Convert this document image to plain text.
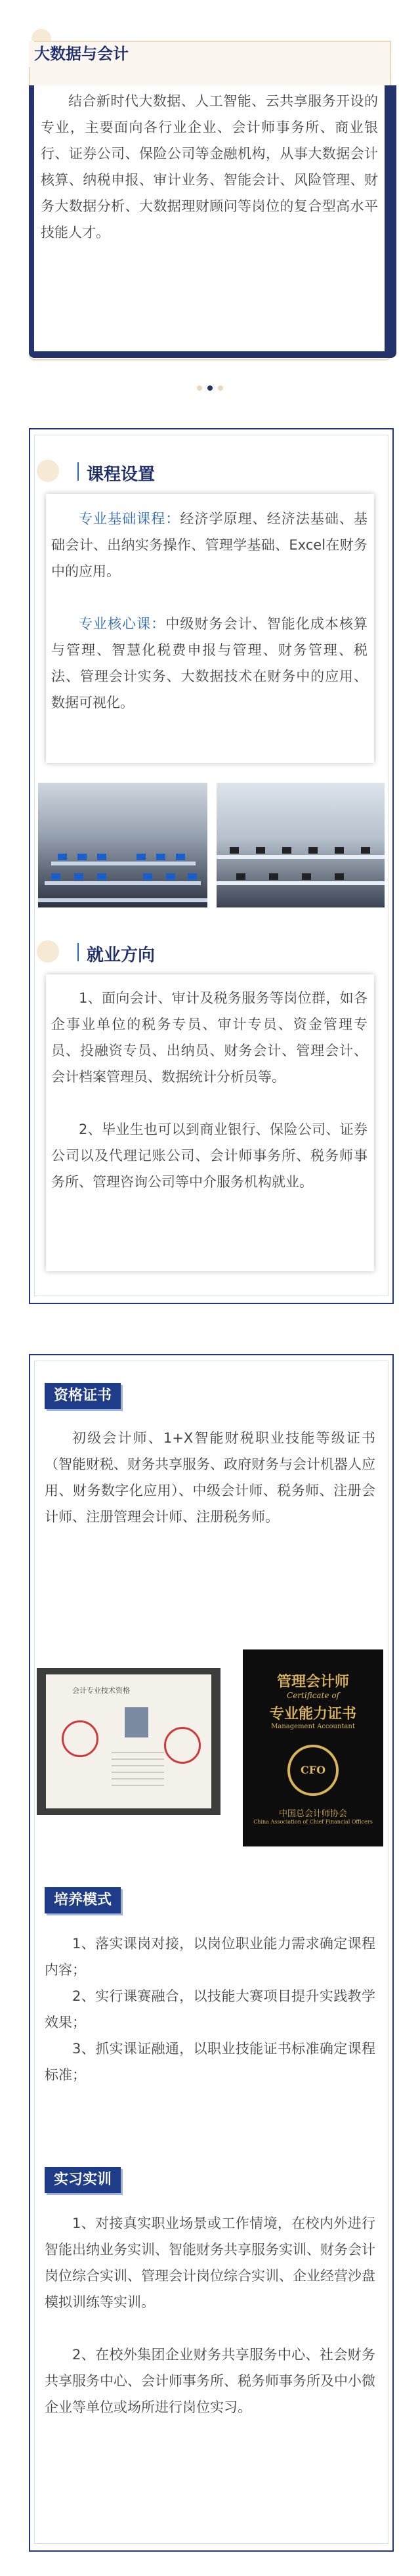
大数据与会计
结合新时代大数据、人工智能、云共享服务开设的专业，主要面向各行业企业、会计师事务所、商业银行、证券公司、保险公司等金融机构，从事大数据会计核算、纳税申报、审计业务、智能会计、风险管理、财务大数据分析、大数据理财顾问等岗位的复合型高水平技能人才。
课程设置
专业基础课程：经济学原理、经济法基础、基础会计、出纳实务操作、管理学基础、Excel在财务中的应用。
专业核心课：中级财务会计、智能化成本核算与管理、智慧化税费申报与管理、财务管理、税法、管理会计实务、大数据技术在财务中的应用、数据可视化。
就业方向
1、面向会计、审计及税务服务等岗位群，如各企事业单位的税务专员、审计专员、资金管理专员、投融资专员、出纳员、财务会计、管理会计、会计档案管理员、数据统计分析员等。
2、毕业生也可以到商业银行、保险公司、证券公司以及代理记账公司、会计师事务所、税务师事务所、管理咨询公司等中介服务机构就业。
资格证书
初级会计师、1+X智能财税职业技能等级证书（智能财税、财务共享服务、政府财务与会计机器人应用、财务数字化应用）、中级会计师、税务师、注册会计师、注册管理会计师、注册税务师。
会计专业技术资格
管理会计师
Certificate of
专业能力证书
Management Accountant
CFO
中国总会计师协会
China Association of Chief Financial Officers
培养模式
1、落实课岗对接，以岗位职业能力需求确定课程内容；
2、实行课赛融合，以技能大赛项目提升实践教学效果；
3、抓实课证融通，以职业技能证书标准确定课程标准；
实习实训
1、对接真实职业场景或工作情境，在校内外进行智能出纳业务实训、智能财务共享服务实训、财务会计岗位综合实训、管理会计岗位综合实训、企业经营沙盘模拟训练等实训。
2、在校外集团企业财务共享服务中心、社会财务共享服务中心、会计师事务所、税务师事务所及中小微企业等单位或场所进行岗位实习。
